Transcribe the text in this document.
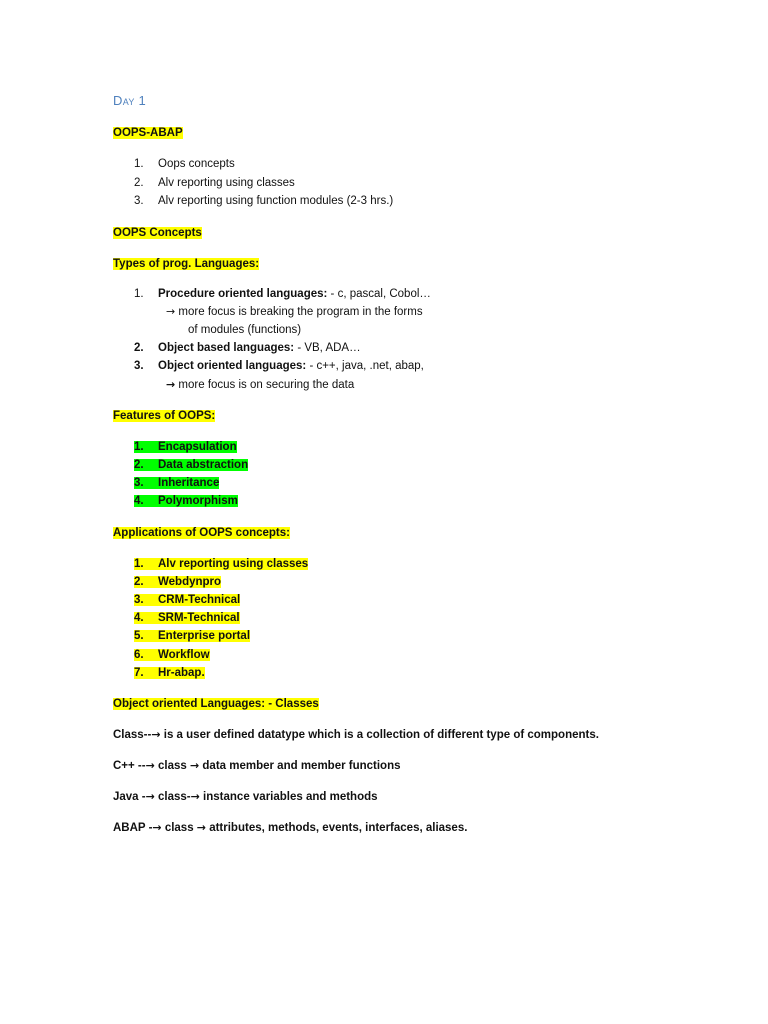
Day 1
OOPS-ABAP
1. Oops concepts
2. Alv reporting using classes
3. Alv reporting using function modules (2-3 hrs.)
OOPS Concepts
Types of prog. Languages:
1. Procedure oriented languages: - c, pascal, Cobol…
→ more focus is breaking the program in the forms
of modules (functions)
2. Object based languages: - VB, ADA…
3. Object oriented languages: - c++, java, .net, abap,
→ more focus is on securing the data
Features of OOPS:
1. Encapsulation
2. Data abstraction
3. Inheritance
4. Polymorphism
Applications of OOPS concepts:
1. Alv reporting using classes
2. Webdynpro
3. CRM-Technical
4. SRM-Technical
5. Enterprise portal
6. Workflow
7. Hr-abap.
Object oriented Languages: - Classes
Class--→ is a user defined datatype which is a collection of different type of components.
C++ --→ class → data member and member functions
Java -→ class-→ instance variables and methods
ABAP -→ class → attributes, methods, events, interfaces, aliases.
